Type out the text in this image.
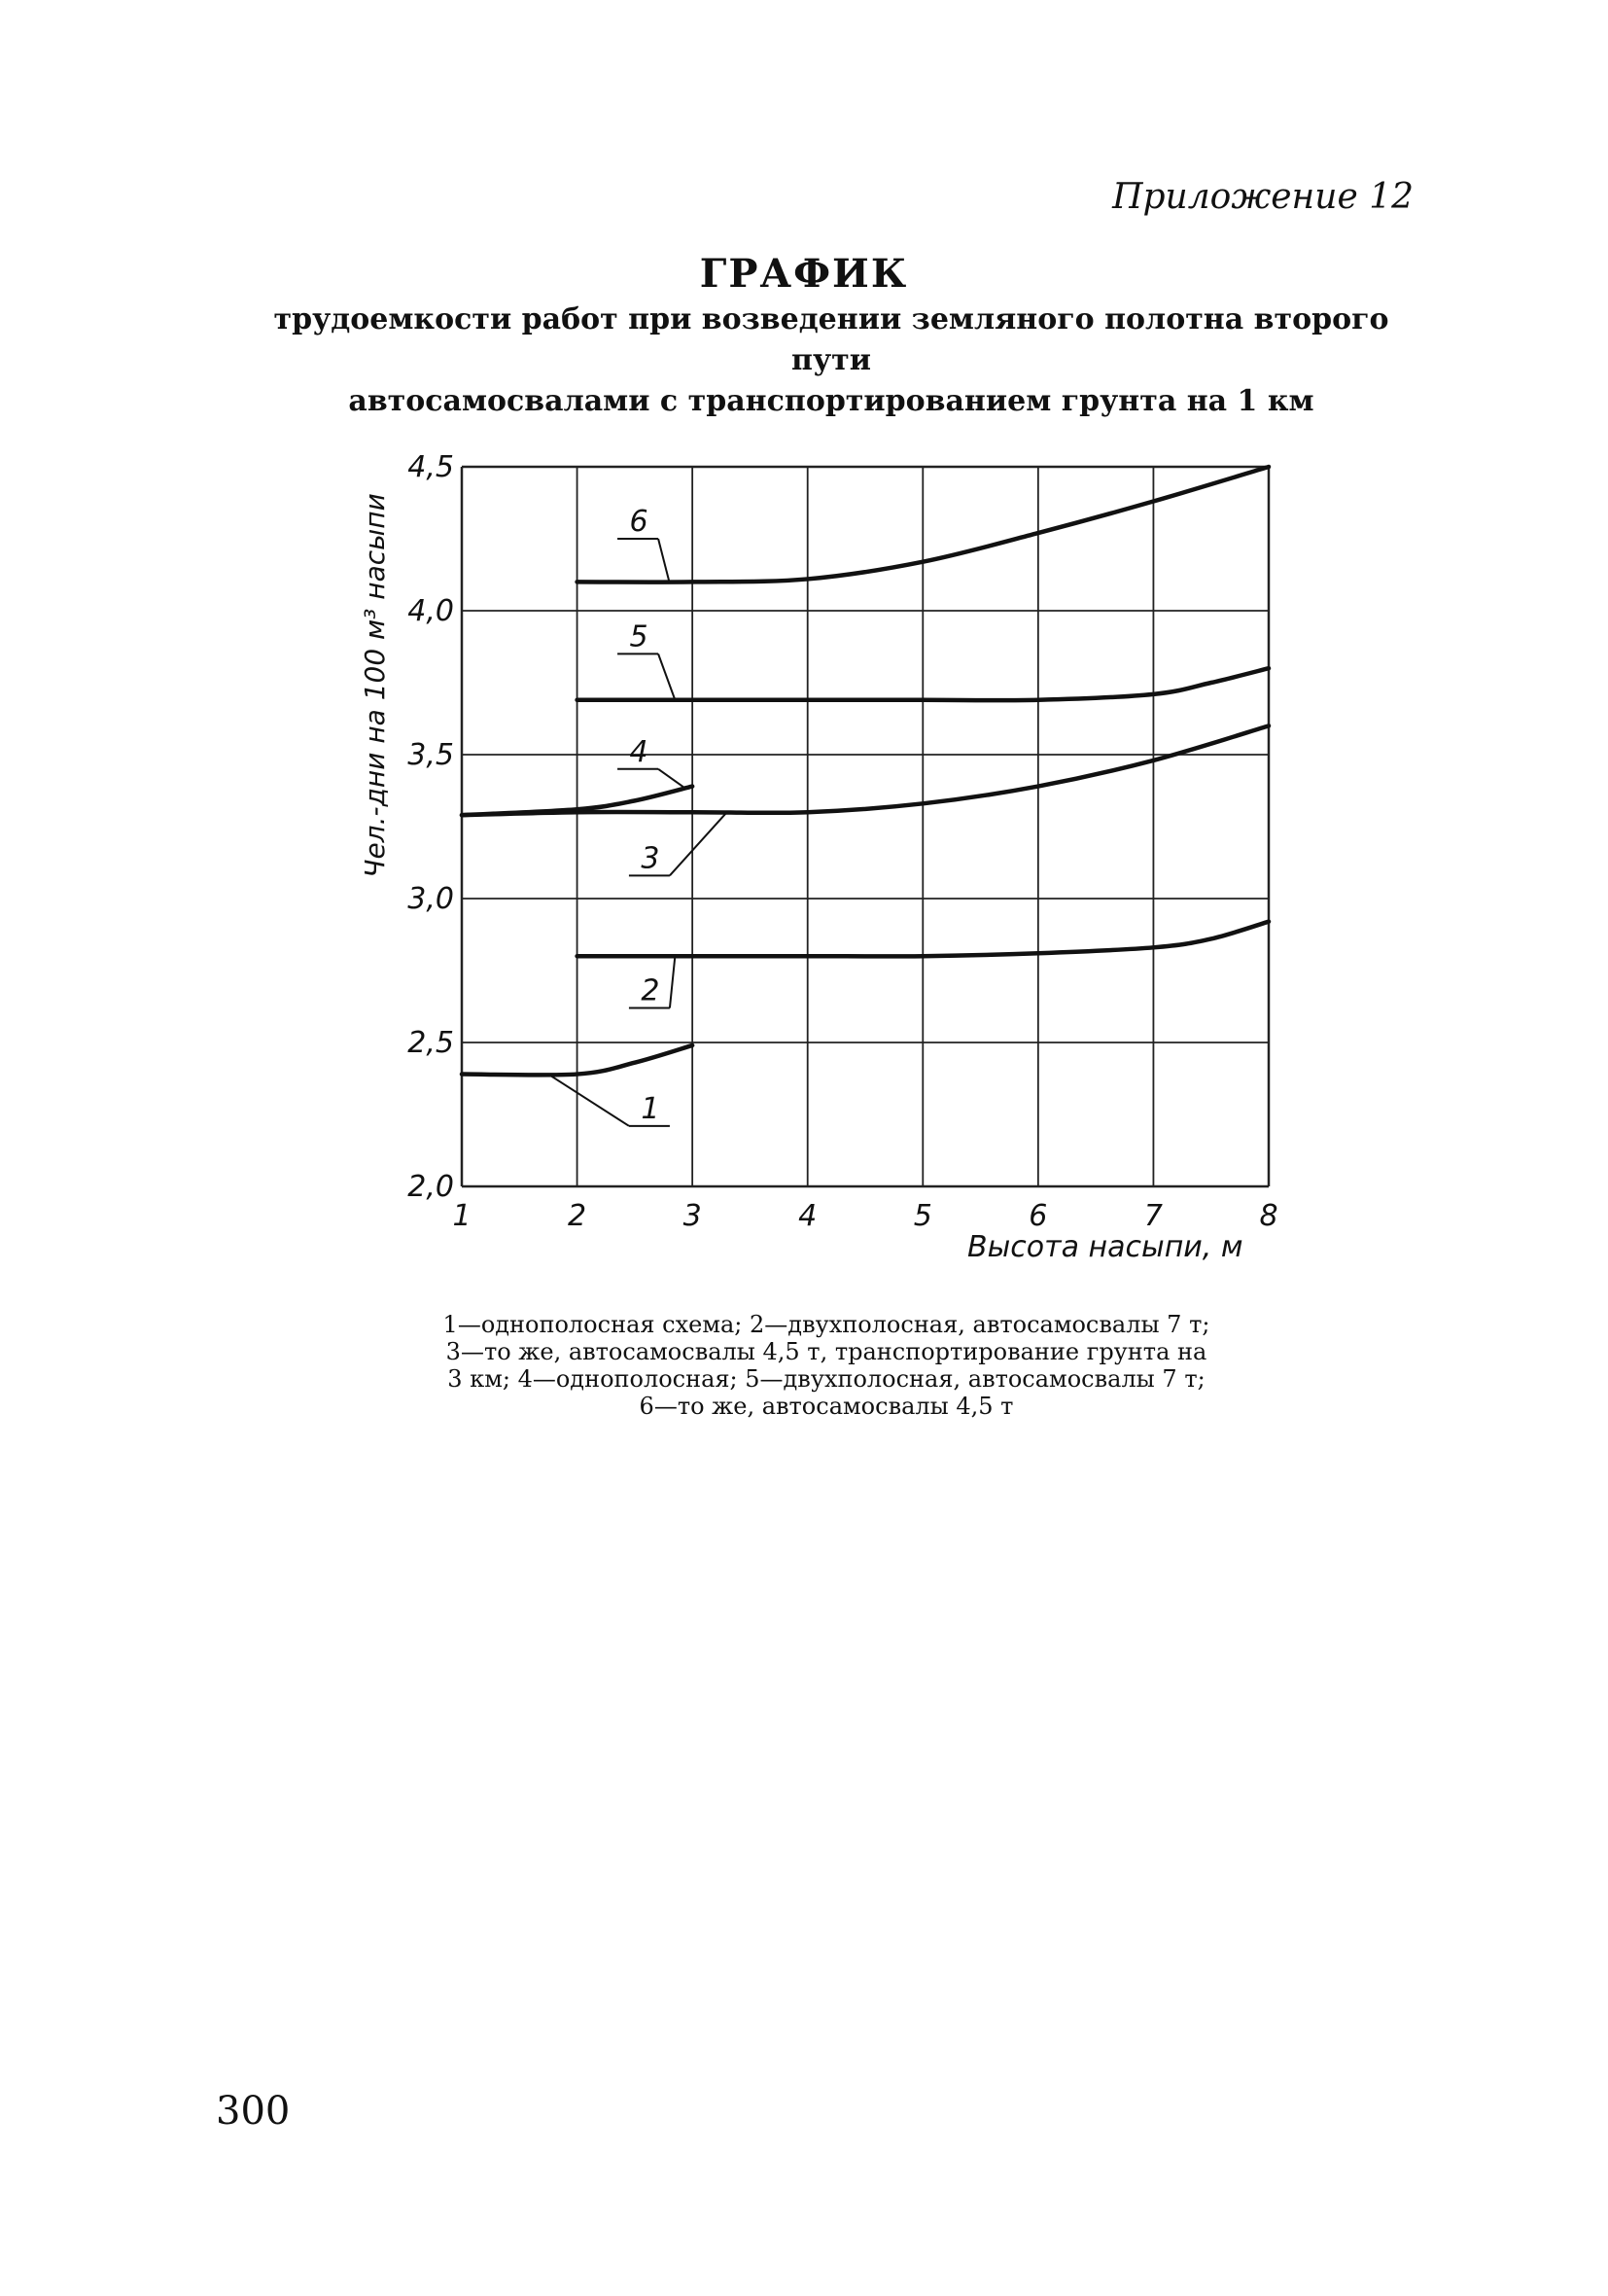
Приложение 12
ГРАФИК
трудоемкости работ при возведении земляного полотна второго пути
автосамосвалами с транспортированием грунта на 1 км
1
2
3
4
5
6
2,0
2,5
3,0
3,5
4,0
4,5
1	2	3	4	5	6	7	8
Чел.-дни на 100 м³ насыпи
Высота насыпи, м
1—однополосная схема; 2—двухполосная, автосамосвалы 7 т;
3—то же, автосамосвалы 4,5 т, транспортирование грунта на
3 км; 4—однополосная; 5—двухполосная, автосамосвалы 7 т;
6—то же, автосамосвалы 4,5 т
300
